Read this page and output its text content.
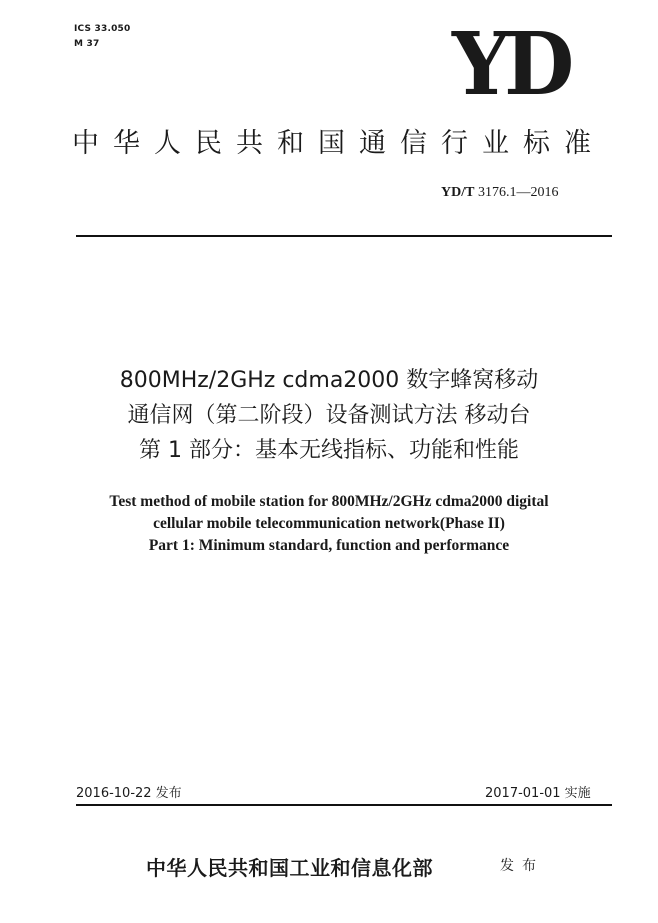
ICS 33.050
M 37	YD
中华人民共和国通信行业标准
YD/T 3176.1—2016
800MHz/2GHz cdma2000 数字蜂窝移动
通信网（第二阶段）设备测试方法 移动台
第 1 部分：基本无线指标、功能和性能
Test method of mobile station for 800MHz/2GHz cdma2000 digital
cellular mobile telecommunication network(Phase II)
Part 1: Minimum standard, function and performance
2016-10-22 发布	2017-01-01 实施
中华人民共和国工业和信息化部	发布
